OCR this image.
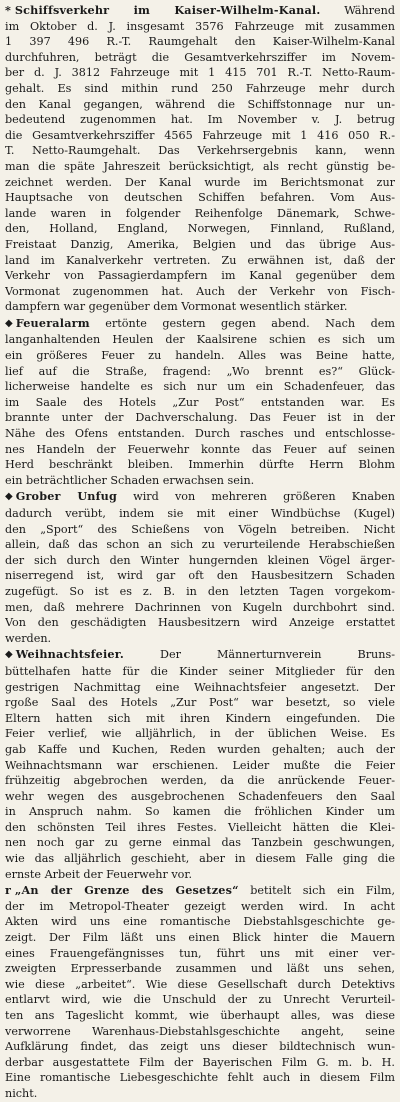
* Schiffsverkehr im Kaiser-Wilhelm-Kanal. Während
im Oktober d. J. insgesamt 3576 Fahrzeuge mit zusammen
1 397 496 R.-T. Raumgehalt den Kaiser-Wilhelm-Kanal
durchfuhren, beträgt die Gesamtverkehrsziffer im Novem-
ber d. J. 3812 Fahrzeuge mit 1 415 701 R.-T. Netto-Raum-
gehalt. Es sind mithin rund 250 Fahrzeuge mehr durch
den Kanal gegangen, während die Schiffstonnage nur un-
bedeutend zugenommen hat. Im November v. J. betrug
die Gesamtverkehrsziffer 4565 Fahrzeuge mit 1 416 050 R.-
T. Netto-Raumgehalt. Das Verkehrsergebnis kann, wenn
man die späte Jahreszeit berücksichtigt, als recht günstig be-
zeichnet werden. Der Kanal wurde im Berichtsmonat zur
Hauptsache von deutschen Schiffen befahren. Vom Aus-
lande waren in folgender Reihenfolge Dänemark, Schwe-
den, Holland, England, Norwegen, Finnland, Rußland,
Freistaat Danzig, Amerika, Belgien und das übrige Aus-
land im Kanalverkehr vertreten. Zu erwähnen ist, daß der
Verkehr von Passagierdampfern im Kanal gegenüber dem
Vormonat zugenommen hat. Auch der Verkehr von Fisch-
dampfern war gegenüber dem Vormonat wesentlich stärker.

◆ Feueralarm ertönte gestern gegen abend. Nach dem
langanhaltenden Heulen der Kaalsirene schien es sich um
ein größeres Feuer zu handeln. Alles was Beine hatte,
lief auf die Straße, fragend: „Wo brennt es?“ Glück-
licherweise handelte es sich nur um ein Schadenfeuer, das
im Saale des Hotels „Zur Post“ entstanden war. Es
brannte unter der Dachverschalung. Das Feuer ist in der
Nähe des Ofens entstanden. Durch rasches und entschlosse-
nes Handeln der Feuerwehr konnte das Feuer auf seinen
Herd beschränkt bleiben. Immerhin dürfte Herrn Blohm
ein beträchtlicher Schaden erwachsen sein.

◆ Grober Unfug wird von mehreren größeren Knaben
dadurch verübt, indem sie mit einer Windbüchse (Kugel)
den „Sport“ des Schießens von Vögeln betreiben. Nicht
allein, daß das schon an sich zu verurteilende Herabschießen
der sich durch den Winter hungernden kleinen Vögel ärger-
niserregend ist, wird gar oft den Hausbesitzern Schaden
zugefügt. So ist es z. B. in den letzten Tagen vorgekom-
men, daß mehrere Dachrinnen von Kugeln durchbohrt sind.
Von den geschädigten Hausbesitzern wird Anzeige erstattet
werden.

◆ Weihnachtsfeier.	Der Männerturnverein Bruns-
büttelhafen hatte für die Kinder seiner Mitglieder für den
gestrigen Nachmittag eine Weihnachtsfeier angesetzt. Der
rgoße Saal des Hotels „Zur Post“ war besetzt, so viele
Eltern hatten sich mit ihren Kindern eingefunden. Die
Feier verlief, wie alljährlich, in der üblichen Weise. Es
gab Kaffe und Kuchen, Reden wurden gehalten; auch der
Weihnachtsmann war erschienen. Leider mußte die Feier
frühzeitig abgebrochen werden, da die anrückende Feuer-
wehr wegen des ausgebrochenen Schadenfeuers den Saal
in Anspruch nahm. So kamen die fröhlichen Kinder um
den schönsten Teil ihres Festes. Vielleicht hätten die Klei-
nen noch gar zu gerne einmal das Tanzbein geschwungen,
wie das alljährlich geschieht, aber in diesem Falle ging die
ernste Arbeit der Feuerwehr vor.

r „An der Grenze des Gesetzes“ betitelt sich ein Film,
der im Metropol-Theater gezeigt werden wird. In acht
Akten wird uns eine romantische Diebstahlsgeschichte ge-
zeigt. Der Film läßt uns einen Blick hinter die Mauern
eines Frauengefängnisses tun, führt uns mit einer ver-
zweigten Erpresserbande zusammen und läßt uns sehen,
wie diese „arbeitet“. Wie diese Gesellschaft durch Detektivs
entlarvt wird, wie die Unschuld der zu Unrecht Verurteil-
ten ans Tageslicht kommt, wie überhaupt alles, was diese
verworrene Warenhaus-Diebstahlsgeschichte angeht, seine
Aufklärung findet, das zeigt uns dieser bildtechnisch wun-
derbar ausgestattete Film der Bayerischen Film G. m. b. H.
Eine romantische Liebesgeschichte fehlt auch in diesem Film
nicht.
